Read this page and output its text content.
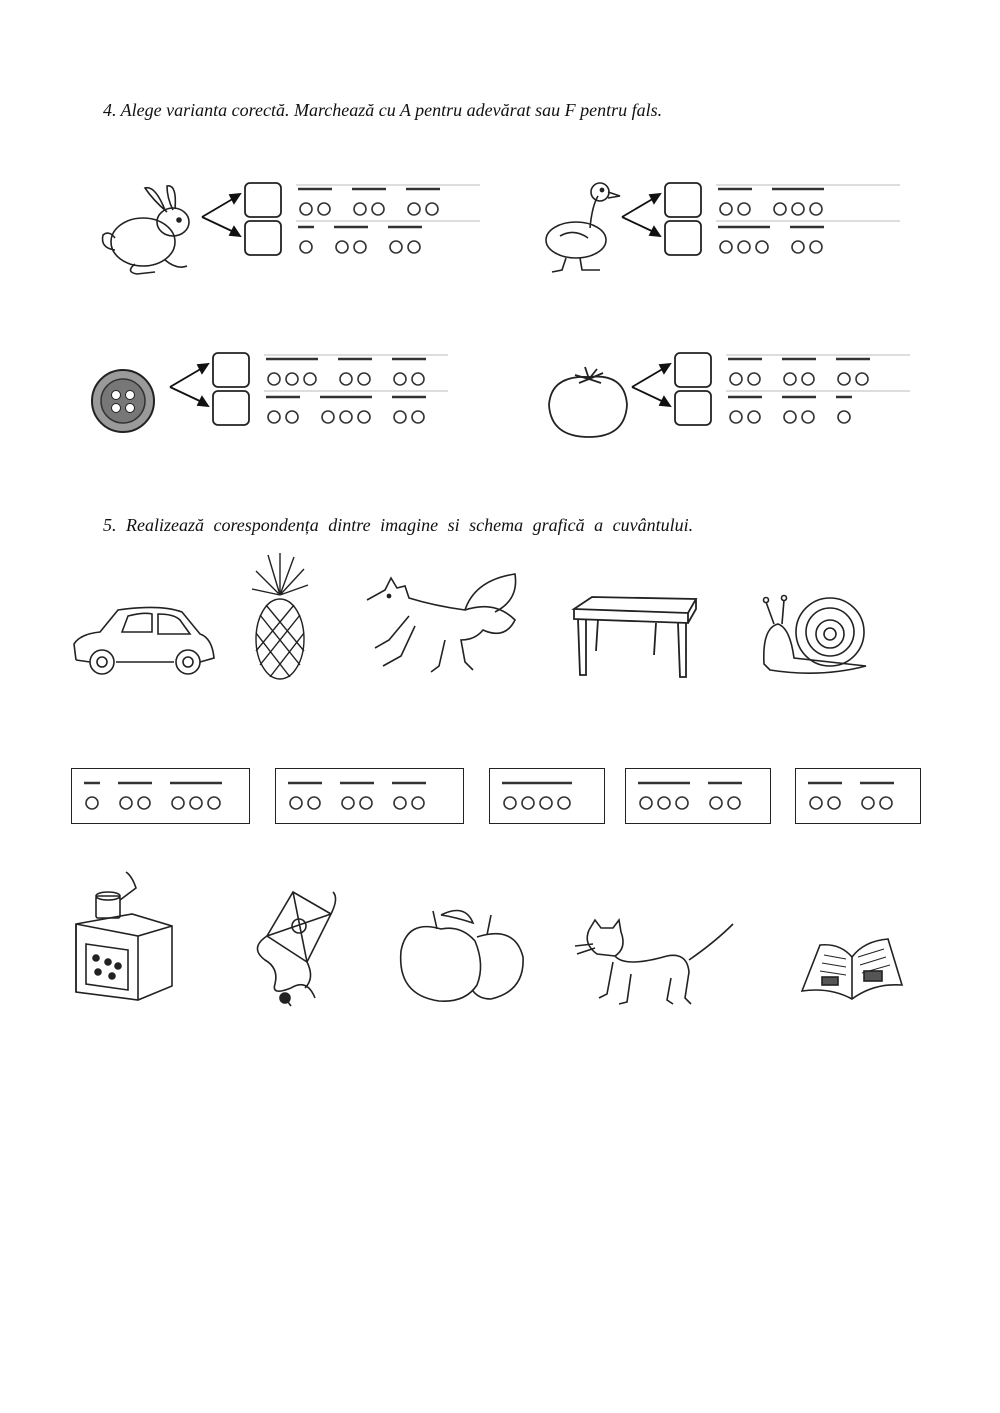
4. Alege varianta corectă. Marchează cu A pentru adevărat sau F pentru fals.
5. Realizează corespondența dintre imagine si schema grafică a cuvântului.
